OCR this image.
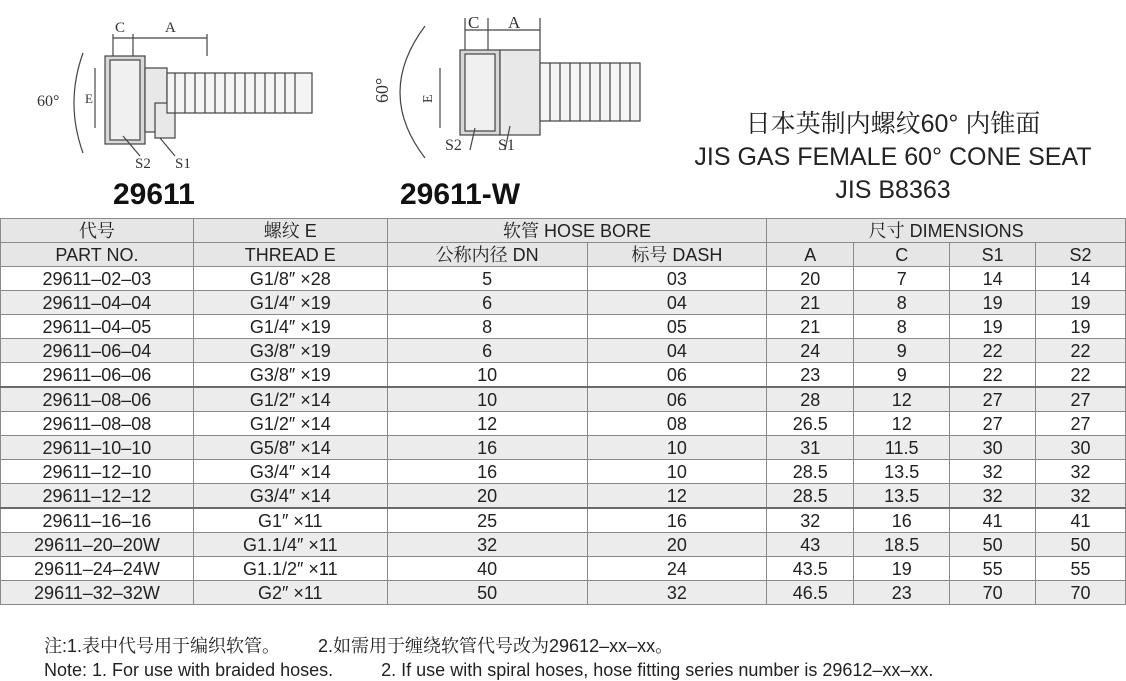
60°
C	A
E
S2 S1
60°
C A
E
S2 S1
29611	29611-W
日本英制内螺纹60° 内锥面
JIS GAS FEMALE 60° CONE SEAT
JIS B8363
代号	螺纹 E	软管 HOSE BORE		尺寸 DIMENSIONS			
PART NO.	THREAD E	公称内径 DN	标号 DASH	A	C	S1	S2
29611–02–03	G1/8″ ×28	5	03	20	7	14	14
29611–04–04	G1/4″ ×19	6	04	21	8	19	19
29611–04–05	G1/4″ ×19	8	05	21	8	19	19
29611–06–04	G3/8″ ×19	6	04	24	9	22	22
29611–06–06	G3/8″ ×19	10	06	23	9	22	22
29611–08–06	G1/2″ ×14	10	06	28	12	27	27
29611–08–08	G1/2″ ×14	12	08	26.5	12	27	27
29611–10–10	G5/8″ ×14	16	10	31	11.5	30	30
29611–12–10	G3/4″ ×14	16	10	28.5	13.5	32	32
29611–12–12	G3/4″ ×14	20	12	28.5	13.5	32	32
29611–16–16	G1″ ×11	25	16	32	16	41	41
29611–20–20W	G1.1/4″ ×11	32	20	43	18.5	50	50
29611–24–24W	G1.1/2″ ×11	40	24	43.5	19	55	55
29611–32–32W	G2″ ×11	50	32	46.5	23	70	70
注:1.表中代号用于编织软管。 2.如需用于缠绕软管代号改为29612–xx–xx。
Note: 1. For use with braided hoses.	2. If use with spiral hoses, hose fitting series number is 29612–xx–xx.
